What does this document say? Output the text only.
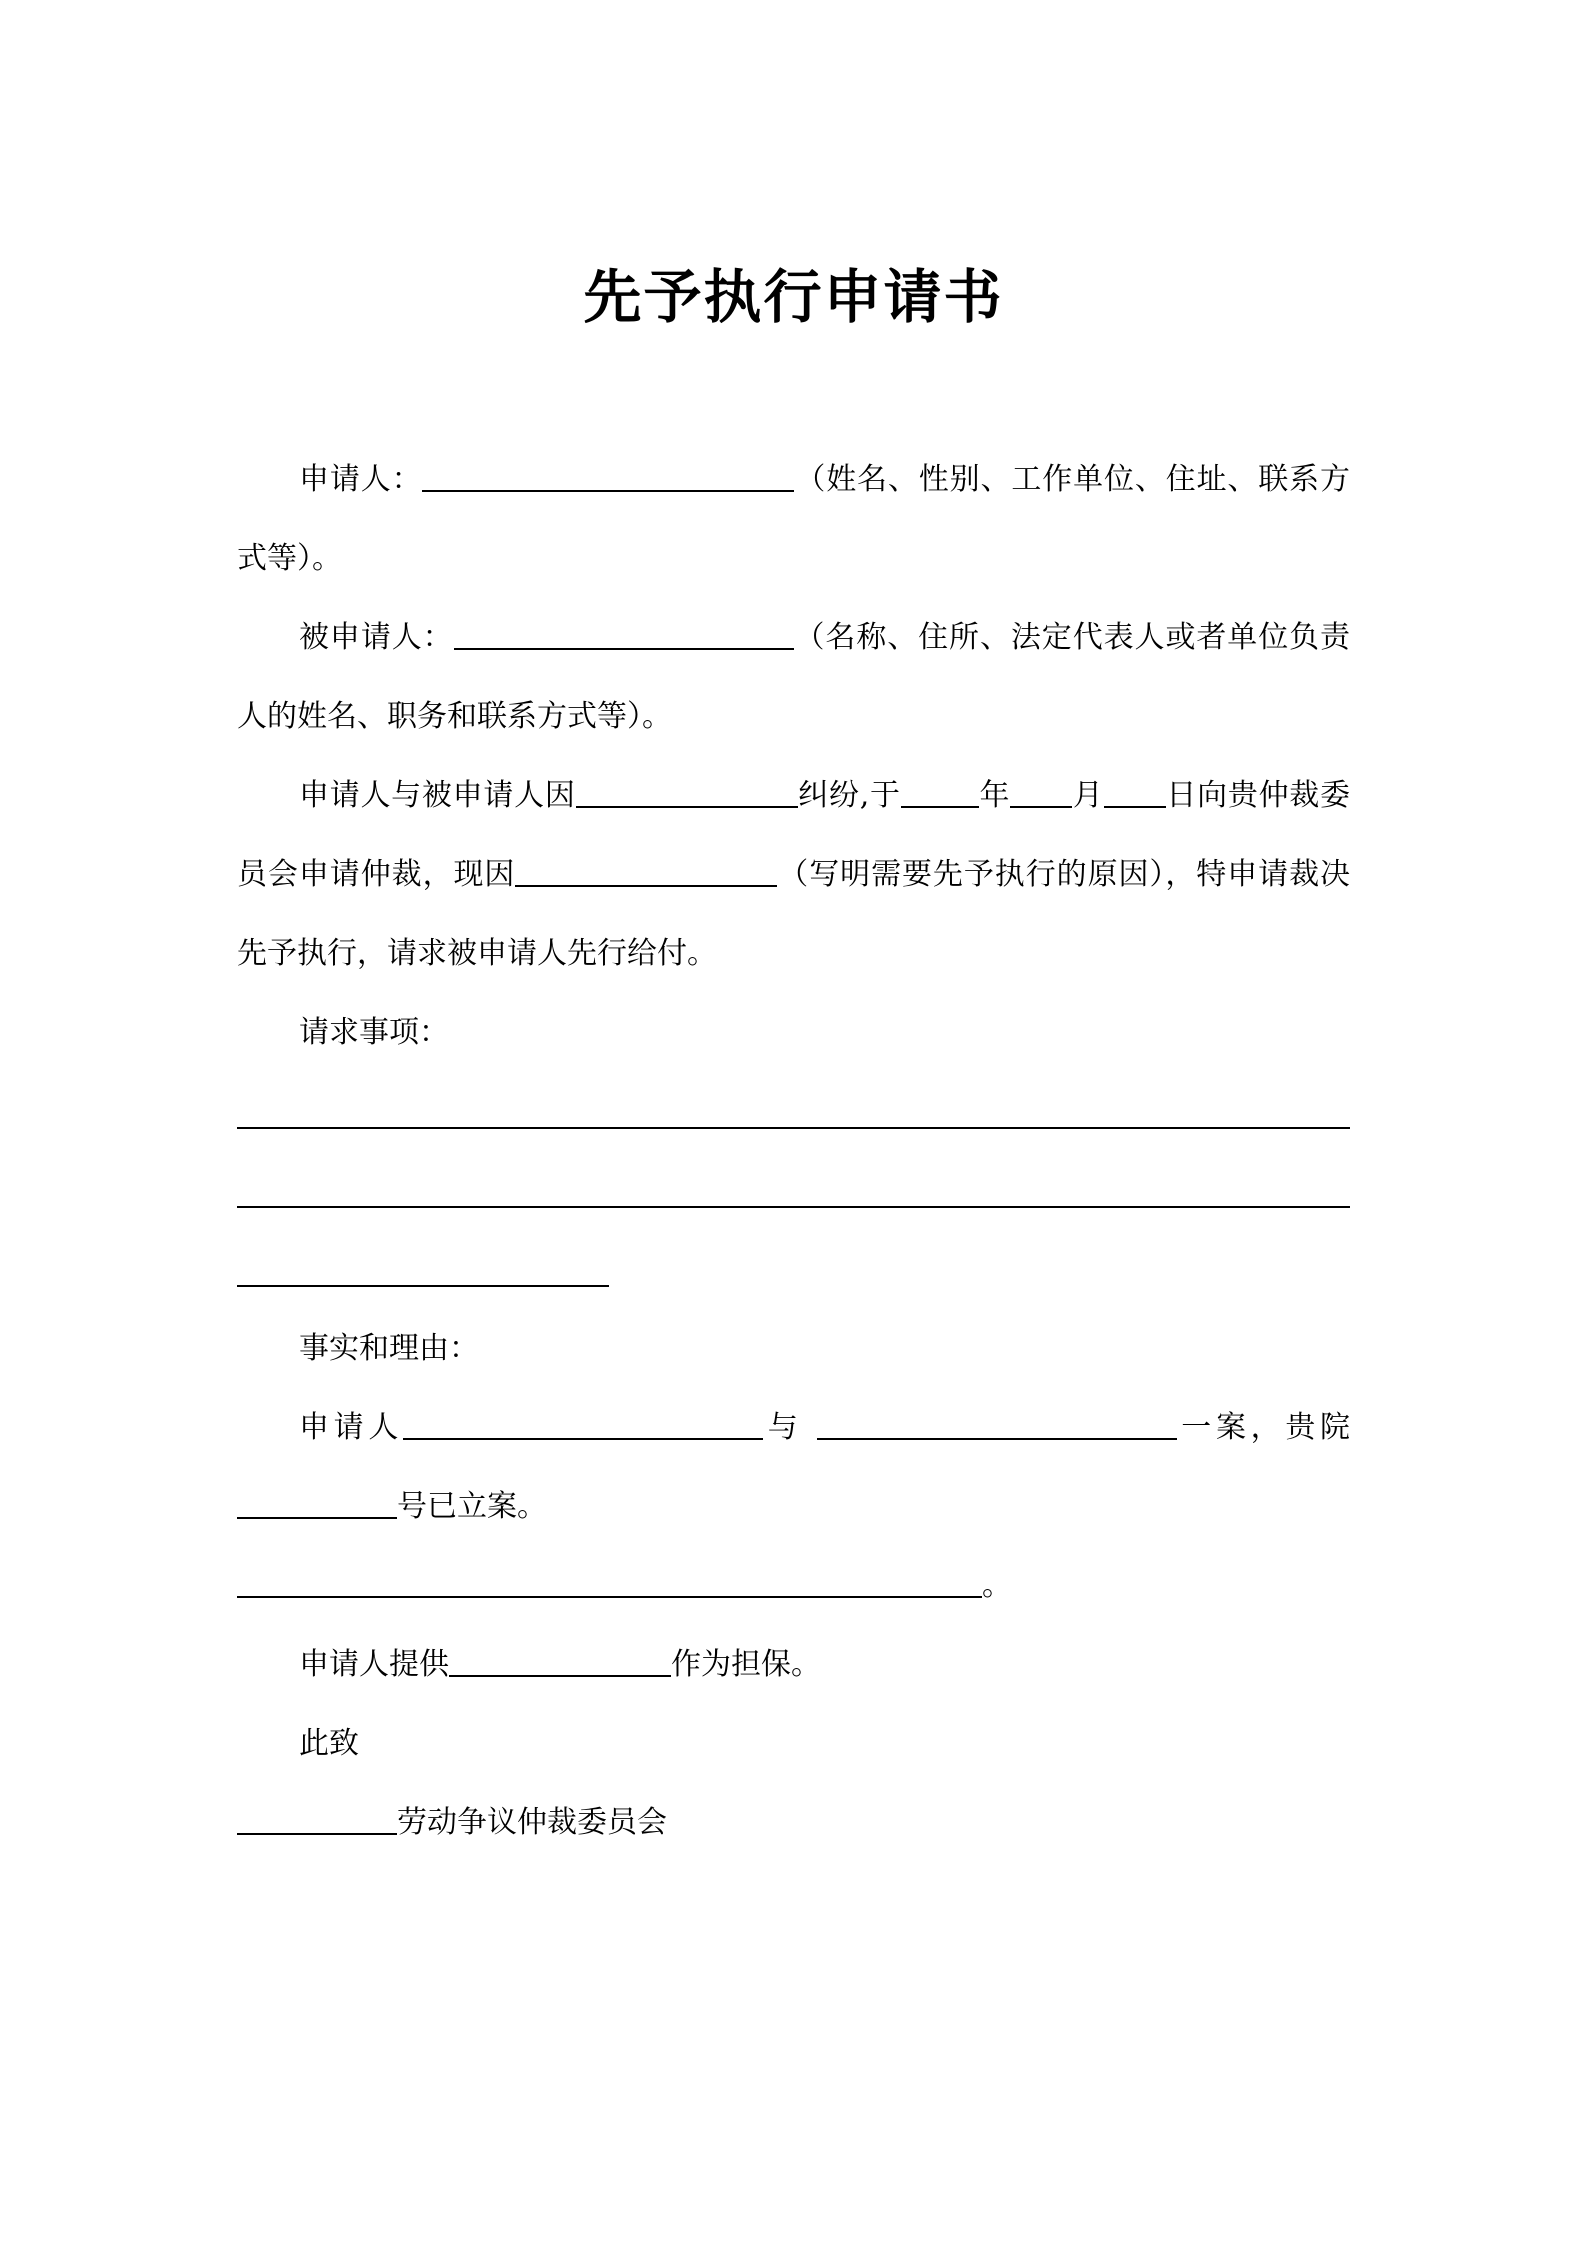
先予执行申请书

申请人：	（姓名、性别、工作单位、住址、联系方式等）。

被申请人：	（名称、住所、法定代表人或者单位负责人的姓名、职务和联系方式等）。

申请人与被申请人因	纠纷,于	年 月 日向贵仲裁委员会申请仲裁，现因	（写明需要先予执行的原因），特申请裁决先予执行，请求被申请人先行给付。

请求事项：

事实和理由：

申请人	与	一案，贵院号已立案。

。

申请人提供	作为担保。

此致

劳动争议仲裁委员会
